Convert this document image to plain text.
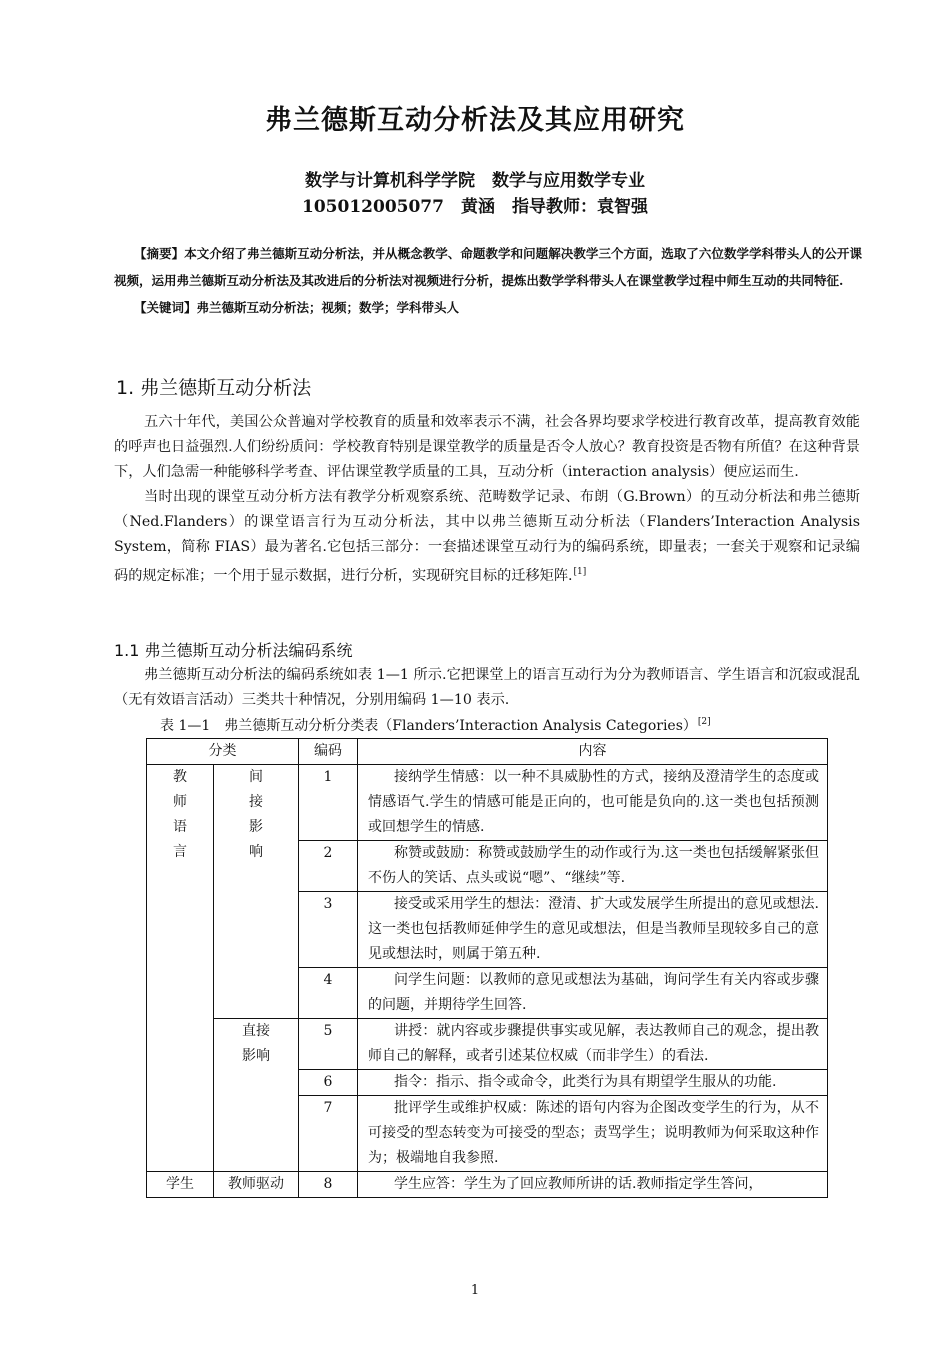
弗兰德斯互动分析法及其应用研究
数学与计算机科学学院　数学与应用数学专业
105012005077　黄涵　指导教师：袁智强

【摘要】本文介绍了弗兰德斯互动分析法，并从概念教学、命题教学和问题解决教学三个方面，选取了六位数学学科带头人的公开课视频，运用弗兰德斯互动分析法及其改进后的分析法对视频进行分析，提炼出数学学科带头人在课堂教学过程中师生互动的共同特征.

【关键词】弗兰德斯互动分析法；视频；数学；学科带头人

1. 弗兰德斯互动分析法

五六十年代，美国公众普遍对学校教育的质量和效率表示不满，社会各界均要求学校进行教育改革，提高教育效能的呼声也日益强烈.人们纷纷质问：学校教育特别是课堂教学的质量是否令人放心？教育投资是否物有所值？在这种背景下，人们急需一种能够科学考查、评估课堂教学质量的工具，互动分析（interaction analysis）便应运而生.

当时出现的课堂互动分析方法有教学分析观察系统、范畴数学记录、布朗（G.Brown）的互动分析法和弗兰德斯（Ned.Flanders）的课堂语言行为互动分析法，其中以弗兰德斯互动分析法（Flanders’Interaction Analysis System，简称 FIAS）最为著名.它包括三部分：一套描述课堂互动行为的编码系统，即量表；一套关于观察和记录编码的规定标准；一个用于显示数据，进行分析，实现研究目标的迁移矩阵.[1]

1.1 弗兰德斯互动分析法编码系统

弗兰德斯互动分析法的编码系统如表 1—1 所示.它把课堂上的语言互动行为分为教师语言、学生语言和沉寂或混乱（无有效语言活动）三类共十种情况，分别用编码 1—10 表示.

表 1—1　弗兰德斯互动分析分类表（Flanders’Interaction Analysis Categories）[2]
分类		编码	内容

教
师
语
言	间
接
影
响	1	接纳学生情感：以一种不具威胁性的方式，接纳及澄清学生的态度或情感语气.学生的情感可能是正向的，也可能是负向的.这一类也包括预测或回想学生的情感.

		2	称赞或鼓励：称赞或鼓励学生的动作或行为.这一类也包括缓解紧张但不伤人的笑话、点头或说“嗯”、“继续”等.

		3	接受或采用学生的想法：澄清、扩大或发展学生所提出的意见或想法.这一类也包括教师延伸学生的意见或想法，但是当教师呈现较多自己的意见或想法时，则属于第五种.

		4	问学生问题：以教师的意见或想法为基础，询问学生有关内容或步骤的问题，并期待学生回答.

	直接
影响	5	讲授：就内容或步骤提供事实或见解，表达教师自己的观念，提出教师自己的解释，或者引述某位权威（而非学生）的看法.

		6	指令：指示、指令或命令，此类行为具有期望学生服从的功能.

		7	批评学生或维护权威：陈述的语句内容为企图改变学生的行为，从不可接受的型态转变为可接受的型态；责骂学生；说明教师为何采取这种作为；极端地自我参照.

学生	教师驱动	8	学生应答：学生为了回应教师所讲的话.教师指定学生答问，
1
